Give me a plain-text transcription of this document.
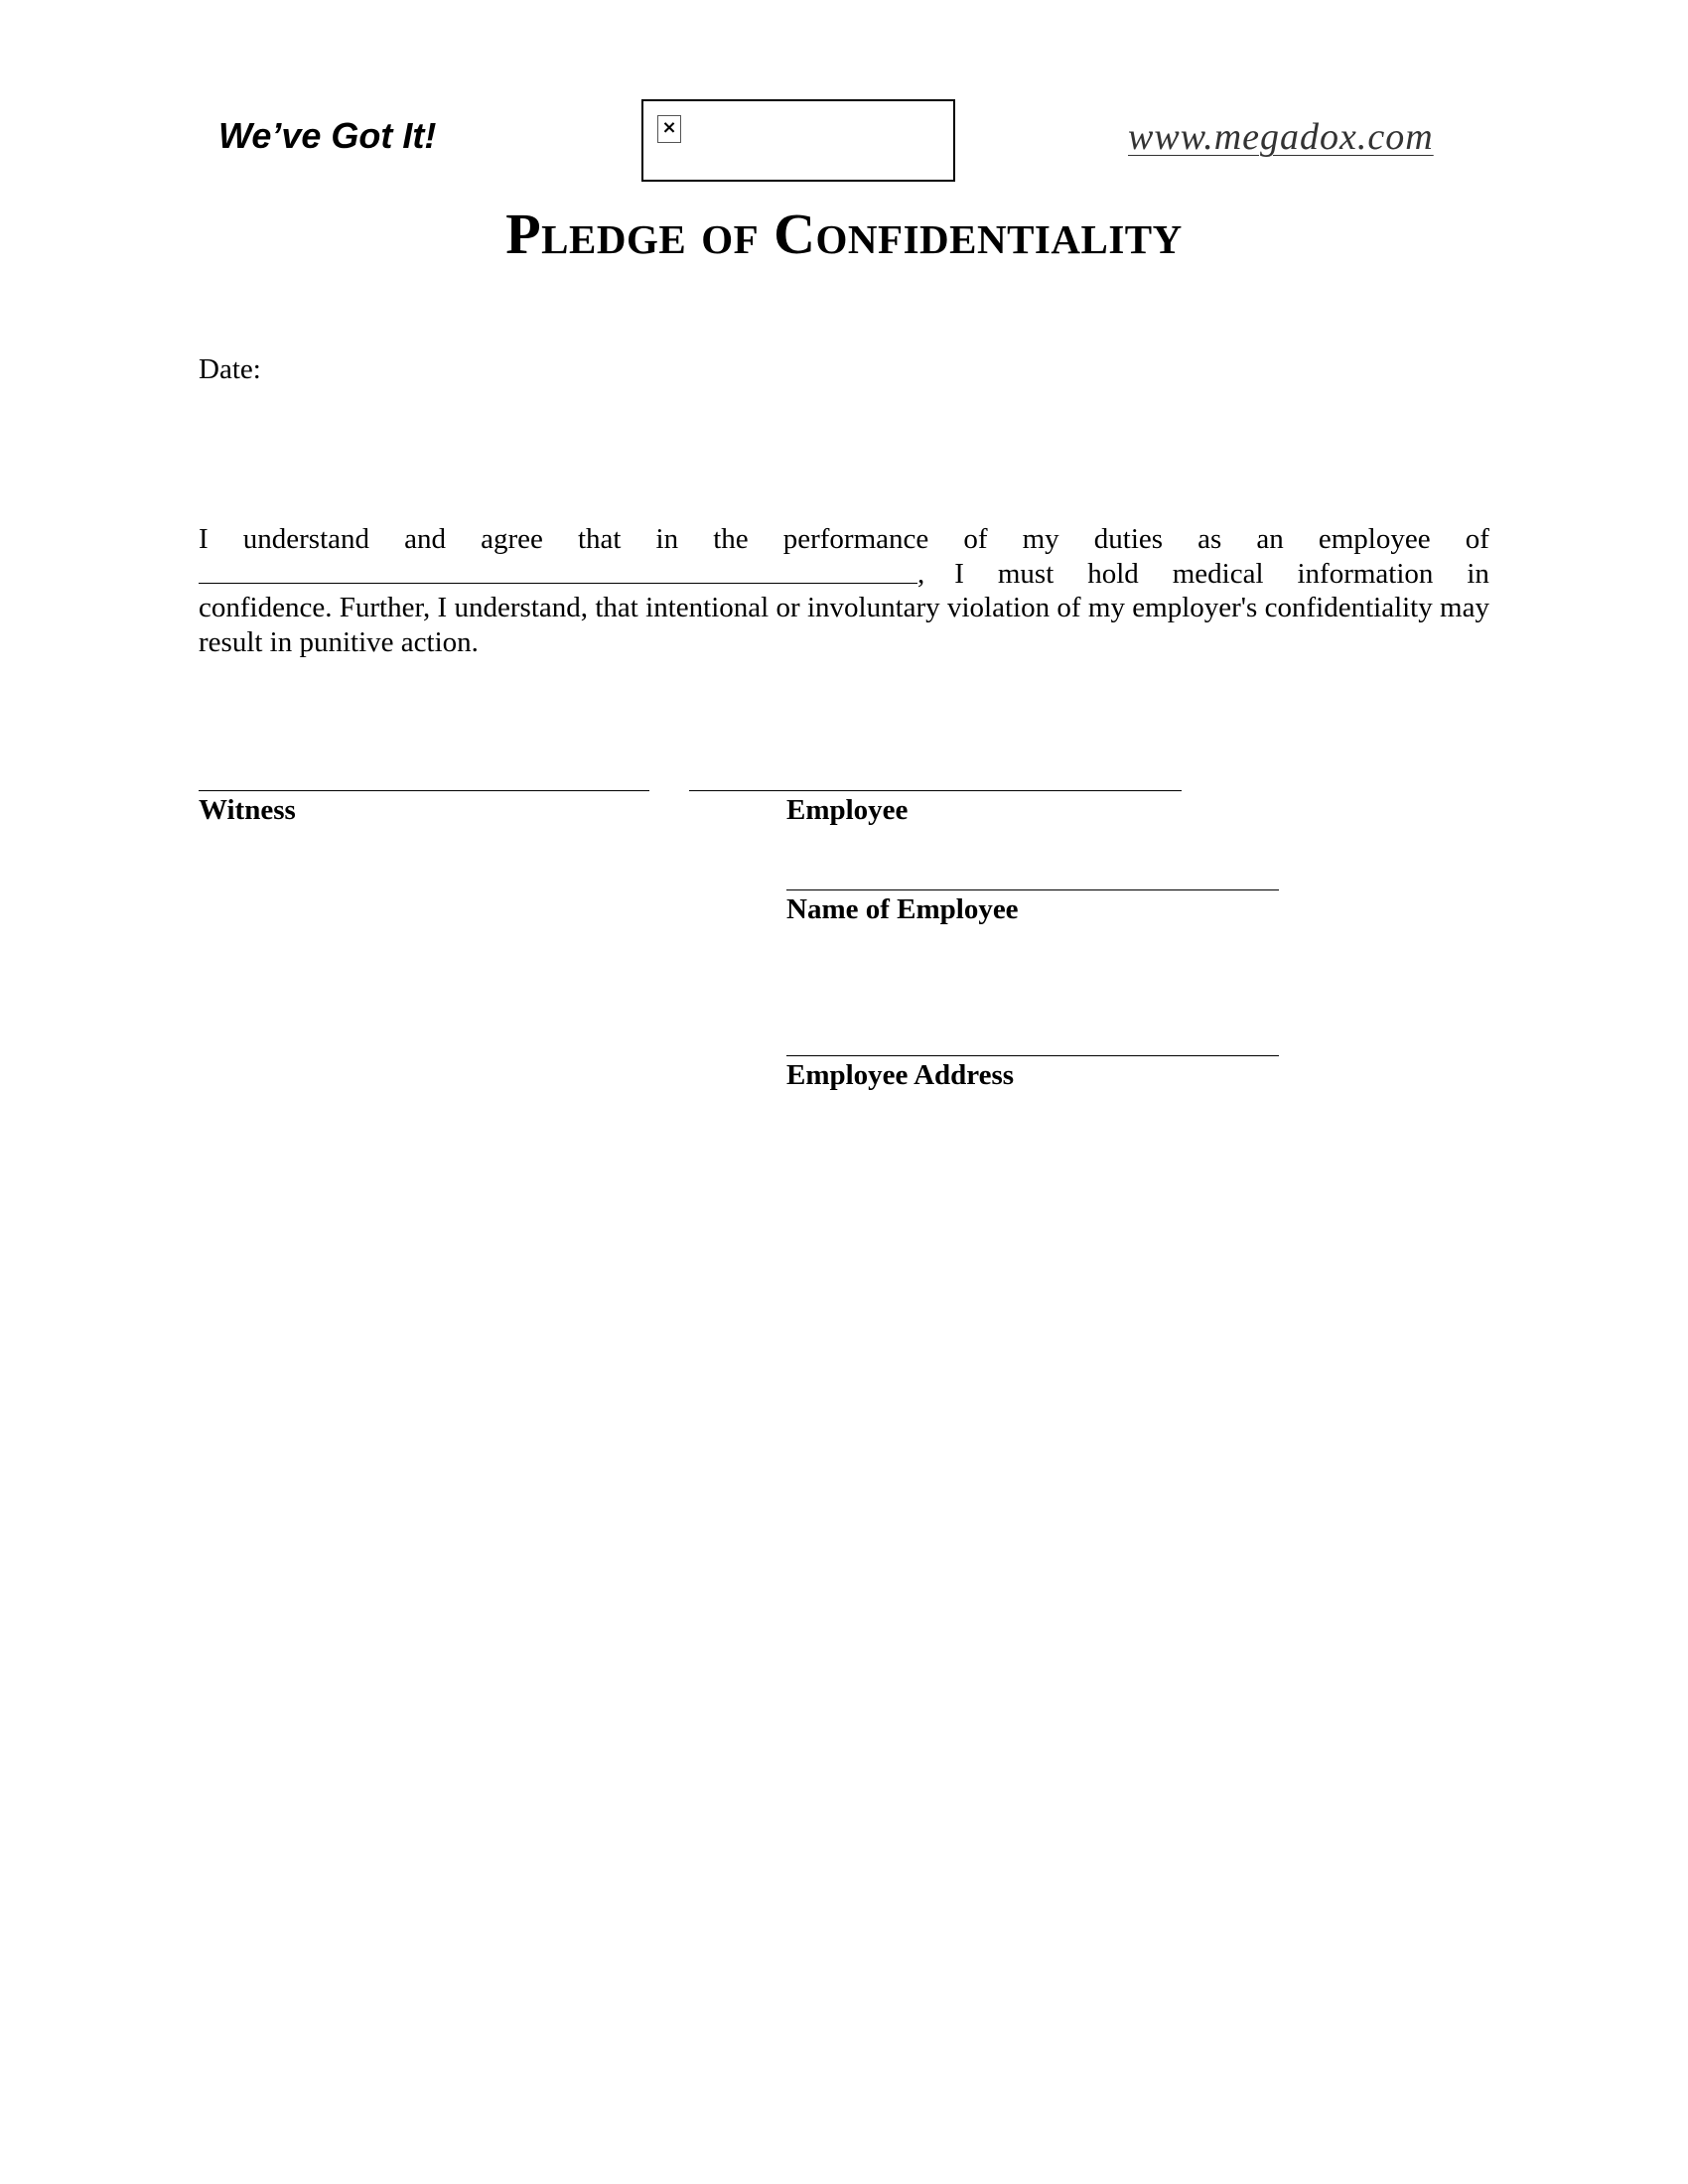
We’ve Got It!	×	www.megadox.com
Pledge of Confidentiality
Date:
I understand and agree that in the performance of my duties as an employee of
, I must hold medical information in

confidence. Further, I understand, that intentional or involuntary violation of my employer's confidentiality may result in punitive action.

Witness	Employee
Name of Employee
Employee Address
